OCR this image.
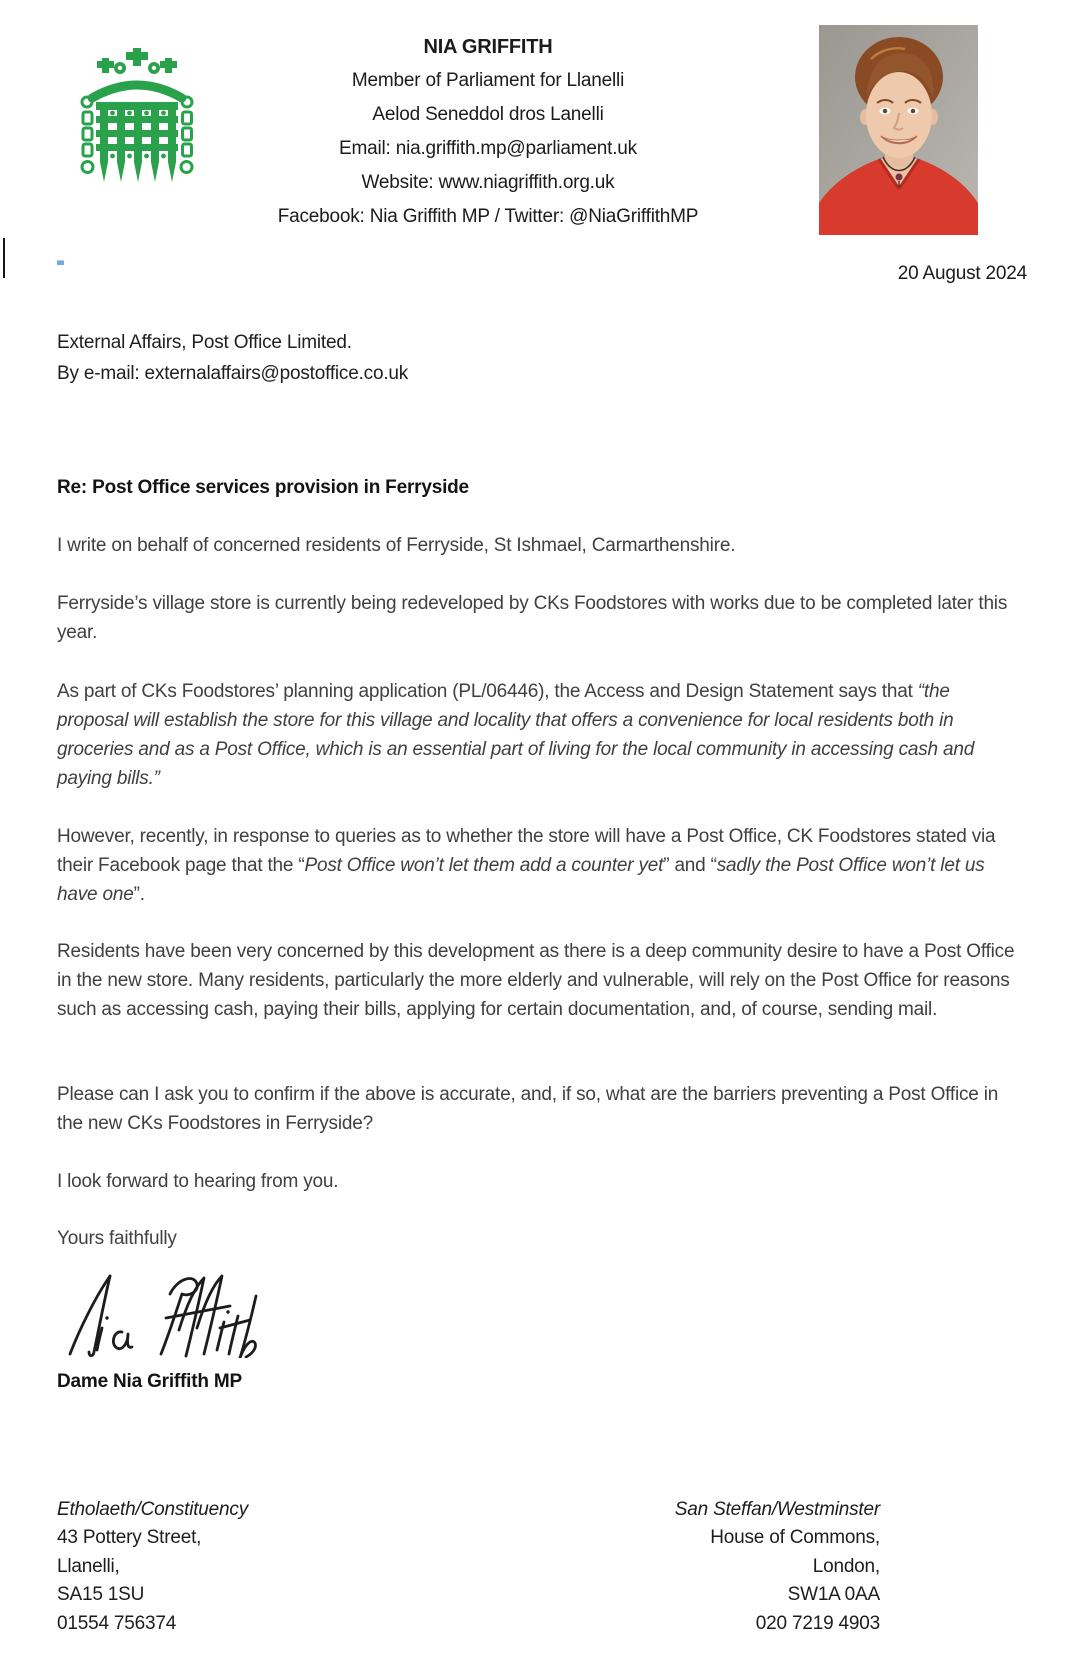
NIA GRIFFITH
Member of Parliament for Llanelli
Aelod Seneddol dros Lanelli
Email: nia.griffith.mp@parliament.uk
Website: www.niagriffith.org.uk
Facebook: Nia Griffith MP / Twitter: @NiaGriffithMP
20 August 2024
External Affairs, Post Office Limited.
By e-mail: externalaffairs@postoffice.co.uk
Re: Post Office services provision in Ferryside
I write on behalf of concerned residents of Ferryside, St Ishmael, Carmarthenshire.
Ferryside’s village store is currently being redeveloped by CKs Foodstores with works due to be completed later this year.
As part of CKs Foodstores’ planning application (PL/06446), the Access and Design Statement says that “the proposal will establish the store for this village and locality that offers a convenience for local residents both in groceries and as a Post Office, which is an essential part of living for the local community in accessing cash and paying bills.”
However, recently, in response to queries as to whether the store will have a Post Office, CK Foodstores stated via their Facebook page that the “Post Office won’t let them add a counter yet” and “sadly the Post Office won’t let us have one”.
Residents have been very concerned by this development as there is a deep community desire to have a Post Office in the new store. Many residents, particularly the more elderly and vulnerable, will rely on the Post Office for reasons such as accessing cash, paying their bills, applying for certain documentation, and, of course, sending mail.
Please can I ask you to confirm if the above is accurate, and, if so, what are the barriers preventing a Post Office in the new CKs Foodstores in Ferryside?
I look forward to hearing from you.
Yours faithfully
Dame Nia Griffith MP
Etholaeth/Constituency
43 Pottery Street,
Llanelli,
SA15 1SU
01554 756374
San Steffan/Westminster
House of Commons,
London,
SW1A 0AA
020 7219 4903
